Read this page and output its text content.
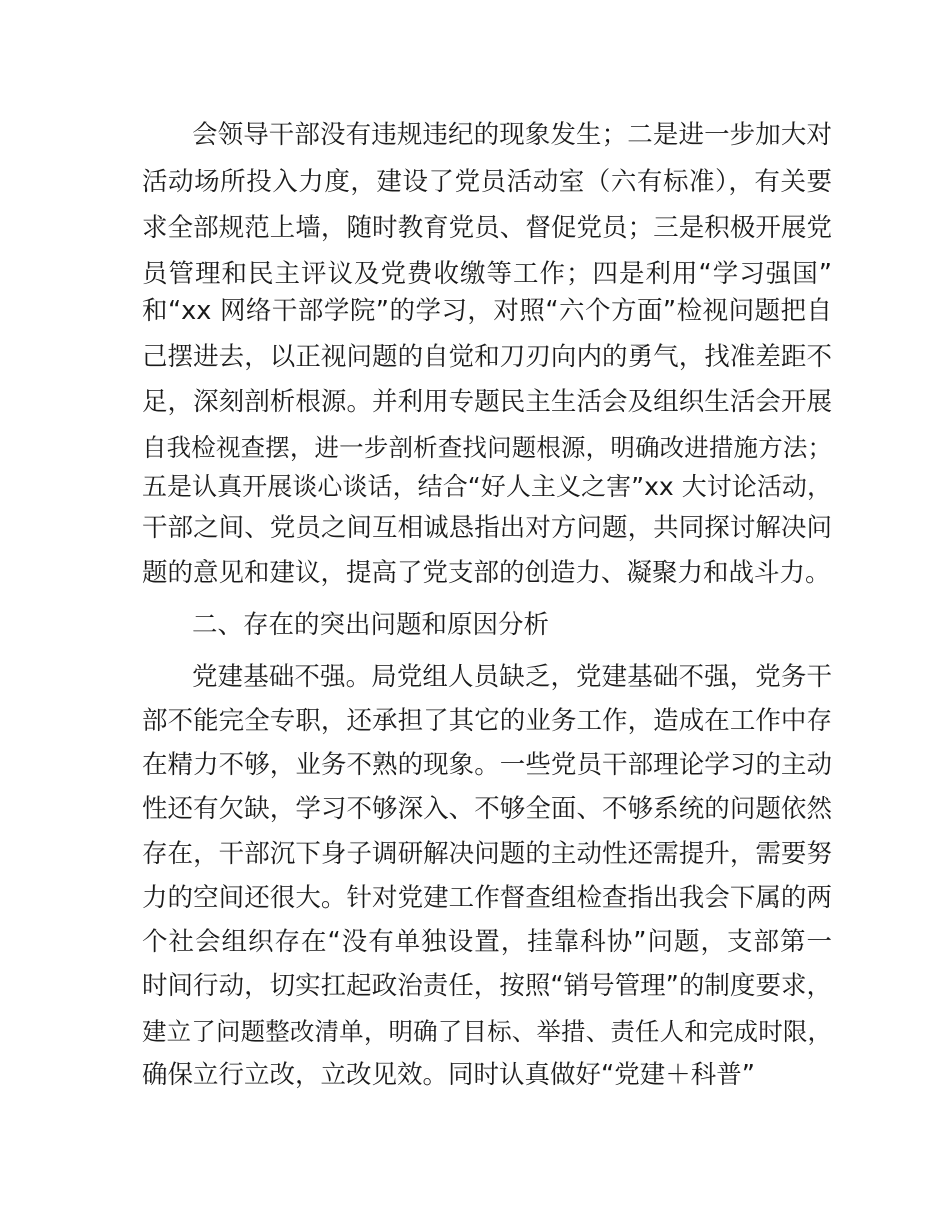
会领导干部没有违规违纪的现象发生；二是进一步加大对
活动场所投入力度，建设了党员活动室（六有标准），有关要
求全部规范上墙，随时教育党员、督促党员；三是积极开展党
员管理和民主评议及党费收缴等工作；四是利用“学习强国”
和“xx 网络干部学院”的学习，对照“六个方面”检视问题把自
己摆进去，以正视问题的自觉和刀刃向内的勇气，找准差距不
足，深刻剖析根源。并利用专题民主生活会及组织生活会开展
自我检视查摆，进一步剖析查找问题根源，明确改进措施方法；
五是认真开展谈心谈话，结合“好人主义之害”xx 大讨论活动，
干部之间、党员之间互相诚恳指出对方问题，共同探讨解决问
题的意见和建议，提高了党支部的创造力、凝聚力和战斗力。
二、存在的突出问题和原因分析
党建基础不强。局党组人员缺乏，党建基础不强，党务干
部不能完全专职，还承担了其它的业务工作，造成在工作中存
在精力不够，业务不熟的现象。一些党员干部理论学习的主动
性还有欠缺，学习不够深入、不够全面、不够系统的问题依然
存在，干部沉下身子调研解决问题的主动性还需提升，需要努
力的空间还很大。针对党建工作督查组检查指出我会下属的两
个社会组织存在“没有单独设置，挂靠科协”问题，支部第一
时间行动，切实扛起政治责任，按照“销号管理”的制度要求，
建立了问题整改清单，明确了目标、举措、责任人和完成时限，
确保立行立改，立改见效。同时认真做好“党建＋科普”
